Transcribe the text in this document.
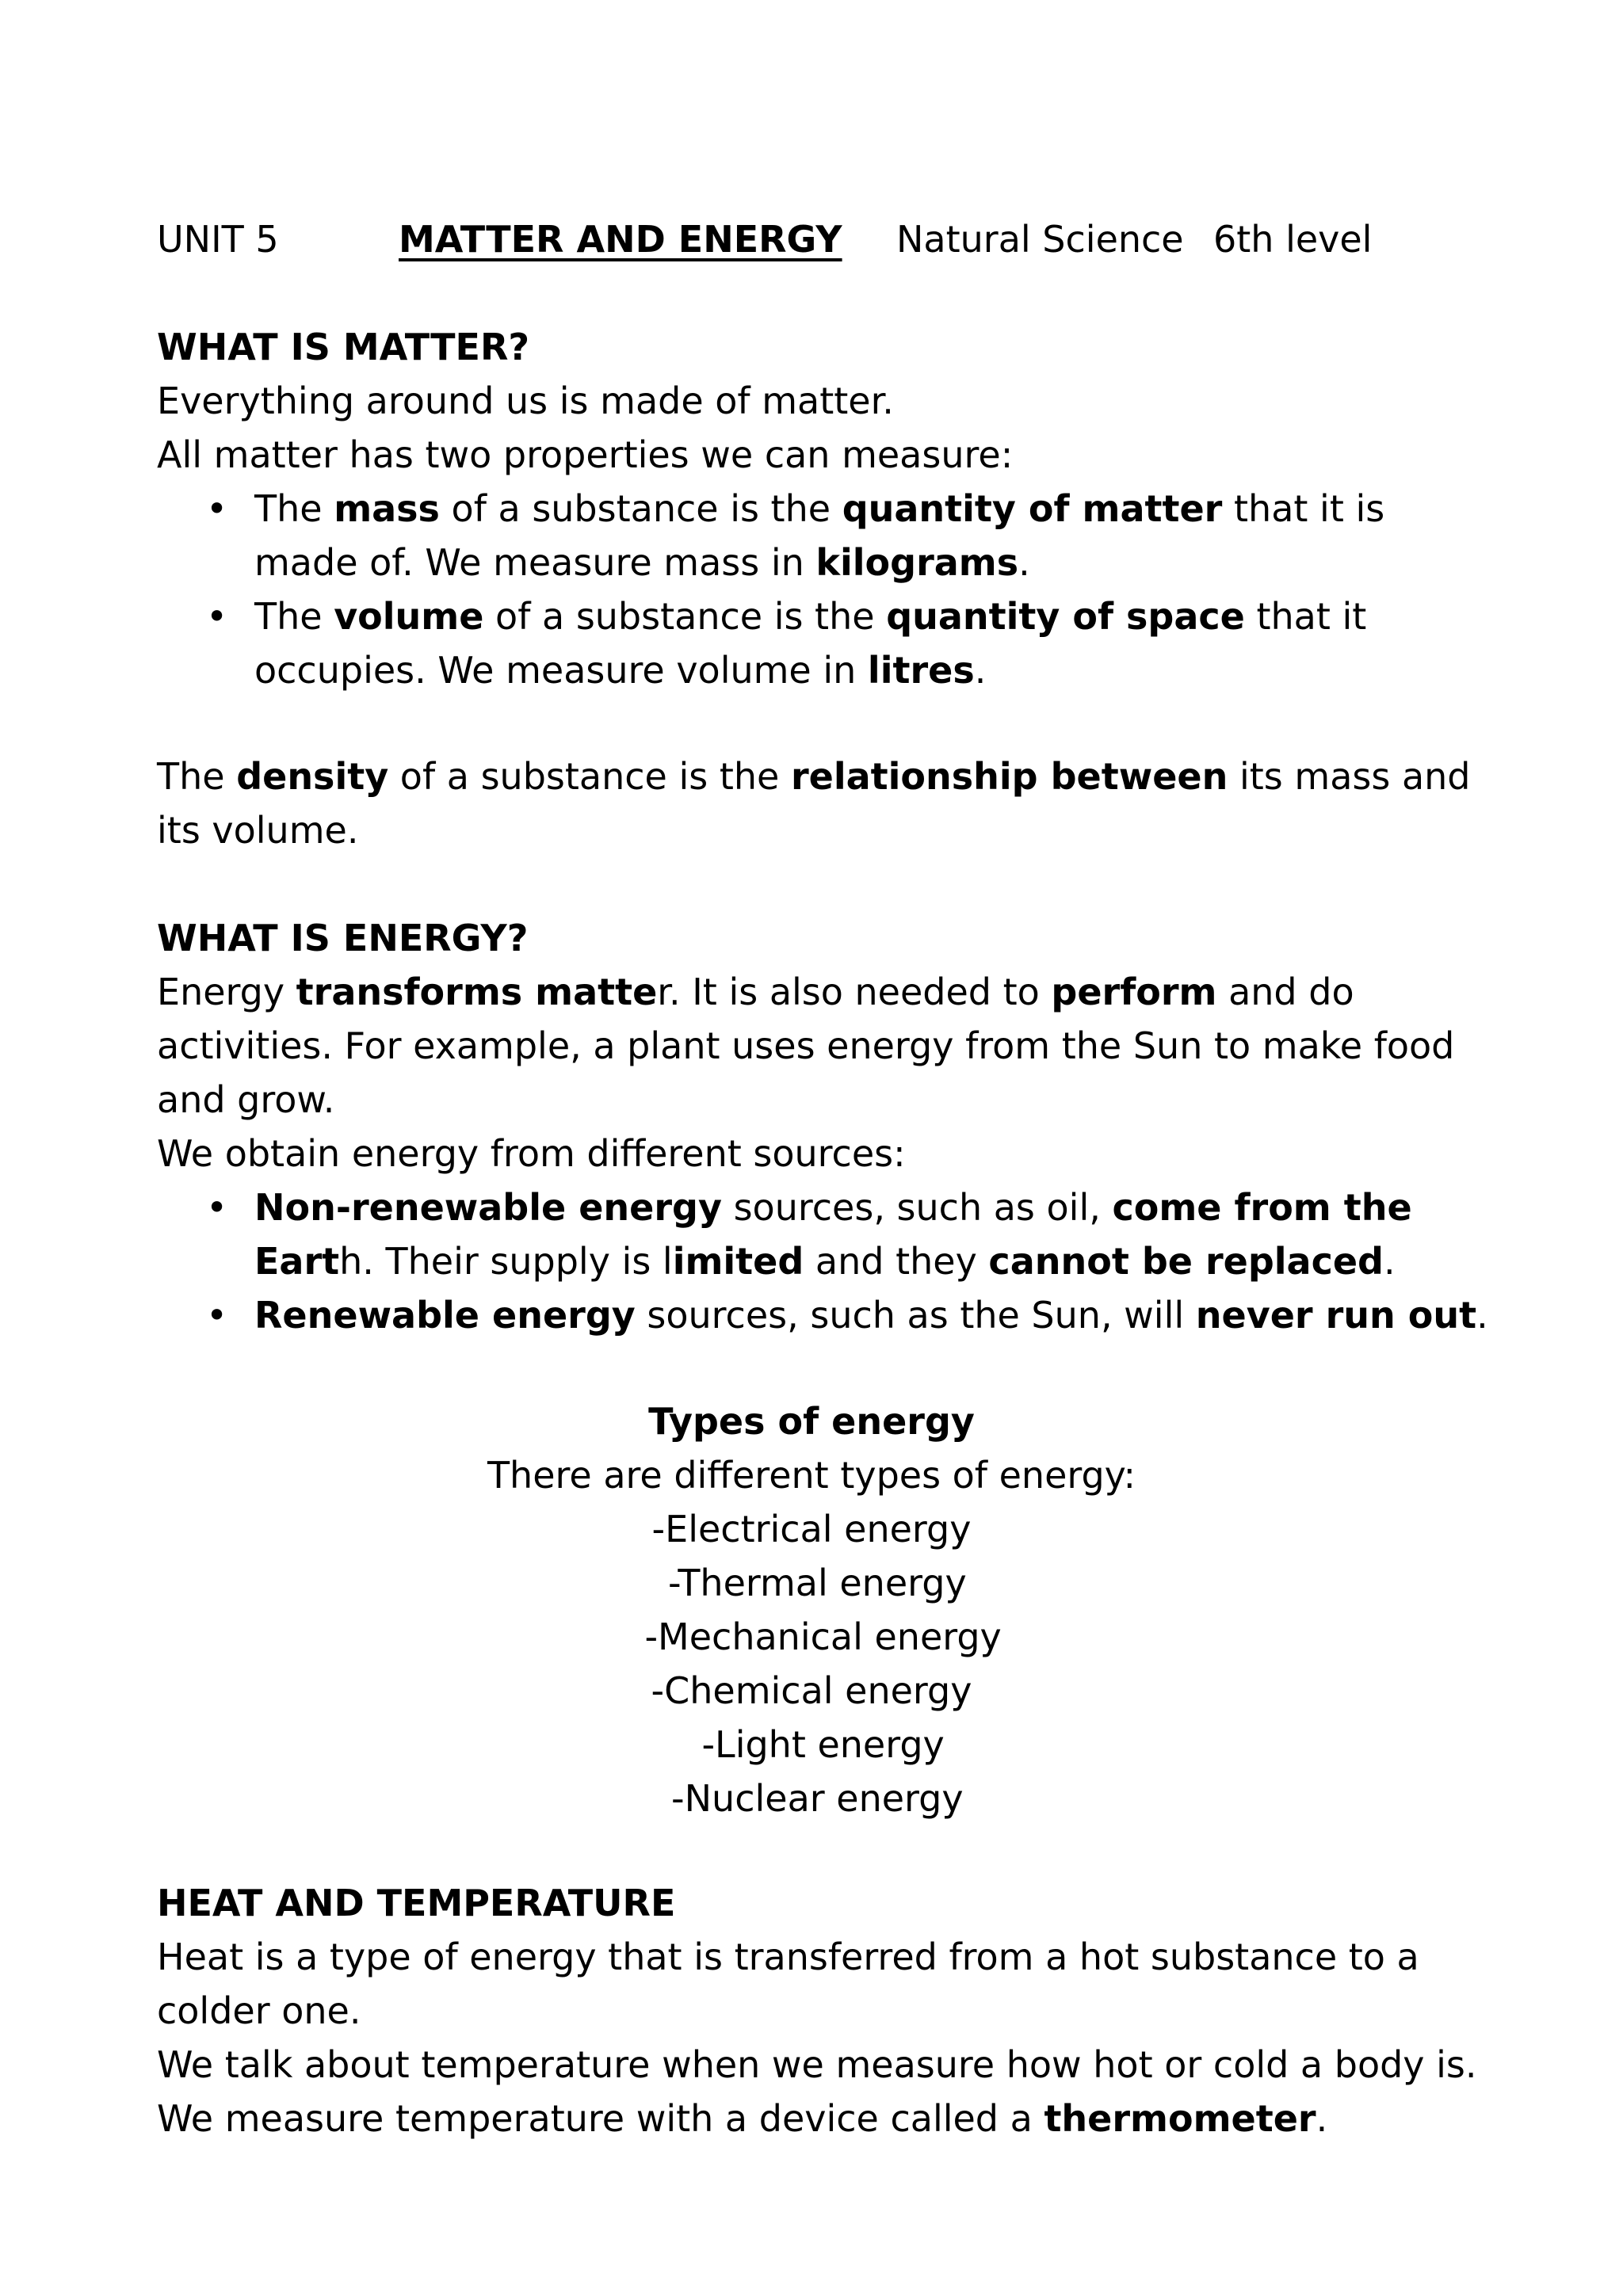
UNIT 5	MATTER AND ENERGY Natural Science 6th level

WHAT IS MATTER?

Everything around us is made of matter.

All matter has two properties we can measure:

• The mass of a substance is the quantity of matter that it is made of. We measure mass in kilograms.
• The volume of a substance is the quantity of space that it occupies. We measure volume in litres.

The density of a substance is the relationship between its mass and its volume.

WHAT IS ENERGY?

Energy transforms matter. It is also needed to perform and do activities. For example, a plant uses energy from the Sun to make food and grow.

We obtain energy from different sources:

• Non-renewable energy sources, such as oil, come from the Earth. Their supply is limited and they cannot be replaced.
• Renewable energy sources, such as the Sun, will never run out.

Types of energy

There are different types of energy:

-Electrical energy

-Thermal energy

-Mechanical energy

-Chemical energy

-Light energy

-Nuclear energy

HEAT AND TEMPERATURE

Heat is a type of energy that is transferred from a hot substance to a colder one.

We talk about temperature when we measure how hot or cold a body is.

We measure temperature with a device called a thermometer.
